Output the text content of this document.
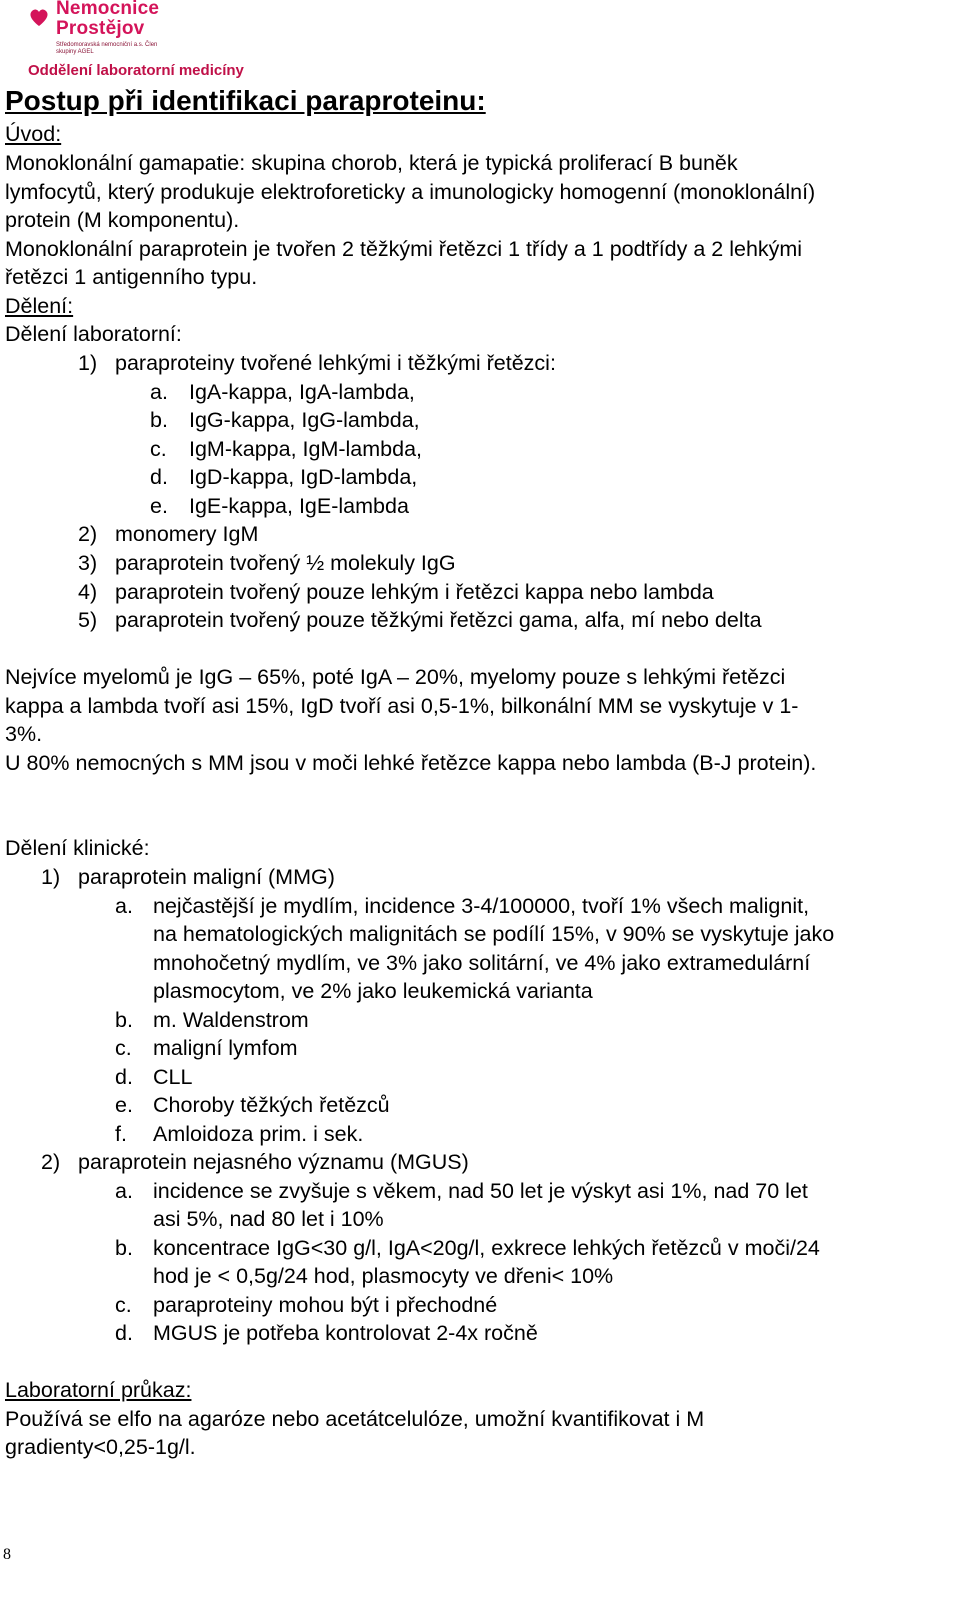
Nemocnice
Prostějov
Středomoravská nemocniční a.s. Člen skupiny AGEL
Oddělení laboratorní medicíny
Postup při identifikaci paraproteinu:
Úvod:
Monoklonální gamapatie: skupina chorob, která je typická proliferací B buněk
lymfocytů, který produkuje elektroforeticky a imunologicky homogenní (monoklonální)
protein (M komponentu).
Monoklonální paraprotein je tvořen 2 těžkými řetězci 1 třídy a 1 podtřídy a 2 lehkými
řetězci 1 antigenního typu.
Dělení:
Dělení laboratorní:
1) paraproteiny tvořené lehkými i těžkými řetězci:
a. IgA-kappa, IgA-lambda,
b. IgG-kappa, IgG-lambda,
c. IgM-kappa, IgM-lambda,
d. IgD-kappa, IgD-lambda,
e. IgE-kappa, IgE-lambda
2) monomery IgM
3) paraprotein tvořený ½ molekuly IgG
4) paraprotein tvořený pouze lehkým i řetězci kappa nebo lambda
5) paraprotein tvořený pouze těžkými řetězci gama, alfa, mí nebo delta
Nejvíce myelomů je IgG – 65%, poté IgA – 20%, myelomy pouze s lehkými řetězci
kappa a lambda tvoří asi 15%, IgD tvoří asi 0,5-1%, bilkonální MM se vyskytuje v 1-
3%.
U 80% nemocných s MM jsou v moči lehké řetězce kappa nebo lambda (B-J protein).
Dělení klinické:
1) paraprotein maligní (MMG)
a. nejčastější je mydlím, incidence 3-4/100000, tvoří 1% všech malignit,
na hematologických malignitách se podílí 15%, v 90% se vyskytuje jako
mnohočetný mydlím, ve 3% jako solitární, ve 4% jako extramedulární
plasmocytom, ve 2% jako leukemická varianta
b. m. Waldenstrom
c. maligní lymfom
d. CLL
e. Choroby těžkých řetězců
f. Amloidoza prim. i sek.
2) paraprotein nejasného významu (MGUS)
a. incidence se zvyšuje s věkem, nad 50 let je výskyt asi 1%, nad 70 let
asi 5%, nad 80 let i 10%
b. koncentrace IgG<30 g/l, IgA<20g/l, exkrece lehkých řetězců v moči/24
hod je < 0,5g/24 hod, plasmocyty ve dřeni< 10%
c. paraproteiny mohou být i přechodné
d. MGUS je potřeba kontrolovat 2-4x ročně
Laboratorní průkaz:
Používá se elfo na agaróze nebo acetátcelulóze, umožní kvantifikovat i M
gradienty<0,25-1g/l.
8
